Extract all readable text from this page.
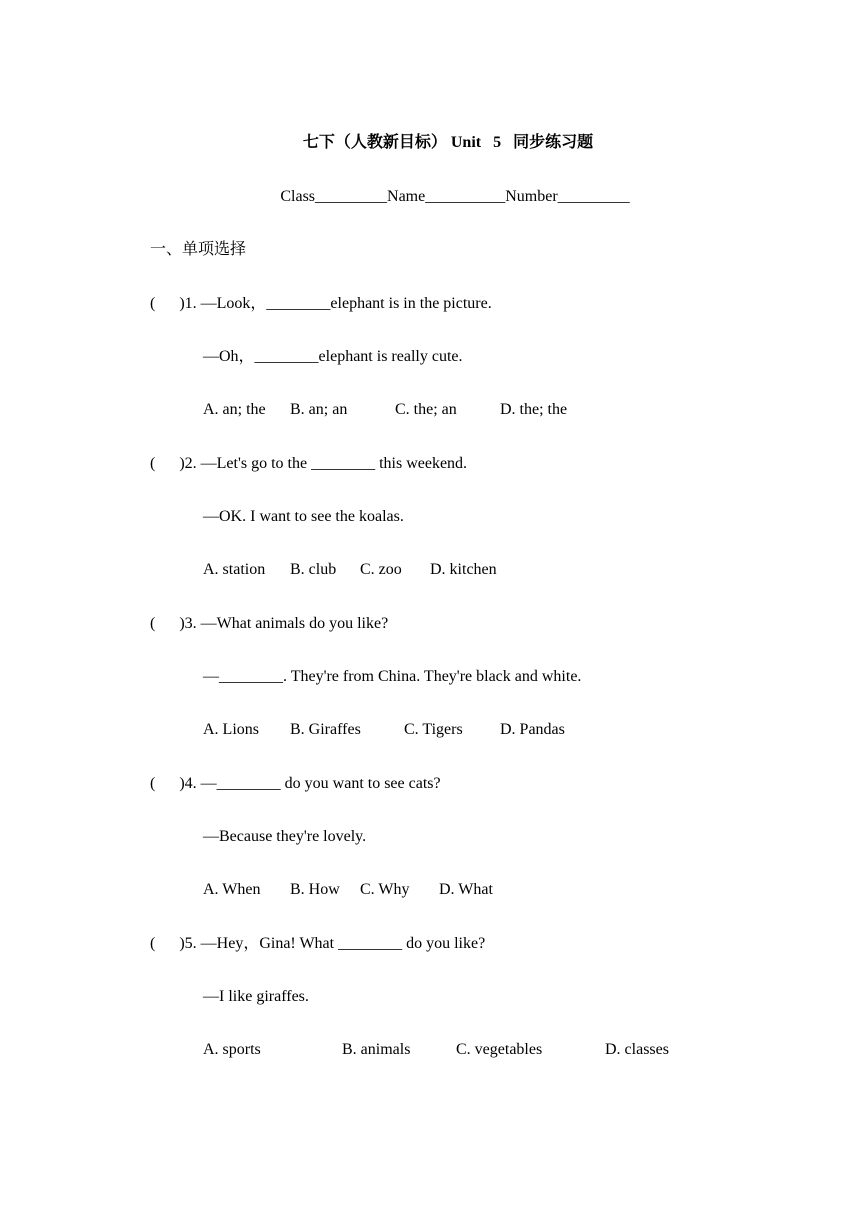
七下（人教新目标） Unit   5   同步练习题
Class_________Name__________Number_________
一、单项选择
(      )1. —Look，________elephant is in the picture.
—Oh，________elephant is really cute.
A. an; the B. an; an	C. the; an	D. the; the
(      )2. —Let's go to the ________ this weekend.
—OK. I want to see the koalas.
A. station B. club C. zoo D. kitchen
(      )3. —What animals do you like?
—________. They're from China. They're black and white.
A. Lions B. Giraffes	C. Tigers D. Pandas
(      )4. —________ do you want to see cats?
—Because they're lovely.
A. When B. How C. Why D. What
(      )5. —Hey，Gina! What ________ do you like?
—I like giraffes.
A. sports	B. animals	C. vegetables	D. classes
